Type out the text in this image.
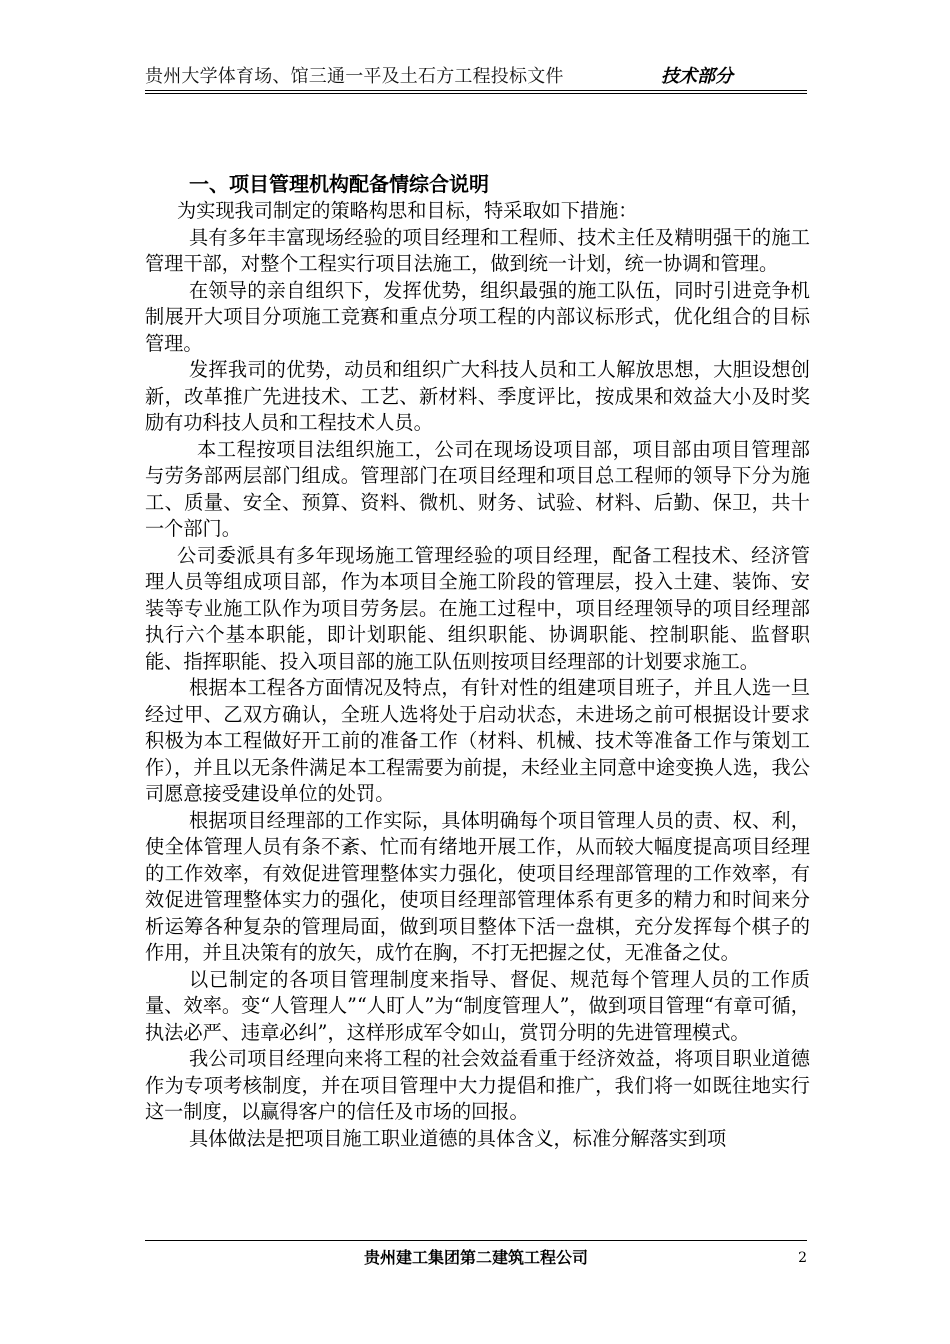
贵州大学体育场、馆三通一平及土石方工程投标文件	技术部分
一、项目管理机构配备情综合说明

为实现我司制定的策略构思和目标，特采取如下措施：

具有多年丰富现场经验的项目经理和工程师、技术主任及精明强干的施工管理干部，对整个工程实行项目法施工，做到统一计划，统一协调和管理。

在领导的亲自组织下，发挥优势，组织最强的施工队伍，同时引进竞争机制展开大项目分项施工竞赛和重点分项工程的内部议标形式，优化组合的目标管理。

发挥我司的优势，动员和组织广大科技人员和工人解放思想，大胆设想创新，改革推广先进技术、工艺、新材料、季度评比，按成果和效益大小及时奖励有功科技人员和工程技术人员。

本工程按项目法组织施工，公司在现场设项目部，项目部由项目管理部与劳务部两层部门组成。管理部门在项目经理和项目总工程师的领导下分为施工、质量、安全、预算、资料、微机、财务、试验、材料、后勤、保卫，共十一个部门。

公司委派具有多年现场施工管理经验的项目经理，配备工程技术、经济管理人员等组成项目部，作为本项目全施工阶段的管理层，投入土建、装饰、安装等专业施工队作为项目劳务层。在施工过程中，项目经理领导的项目经理部执行六个基本职能，即计划职能、组织职能、协调职能、控制职能、监督职能、指挥职能、投入项目部的施工队伍则按项目经理部的计划要求施工。

根据本工程各方面情况及特点，有针对性的组建项目班子，并且人选一旦经过甲、乙双方确认，全班人选将处于启动状态，未进场之前可根据设计要求积极为本工程做好开工前的准备工作（材料、机械、技术等准备工作与策划工作），并且以无条件满足本工程需要为前提，未经业主同意中途变换人选，我公司愿意接受建设单位的处罚。

根据项目经理部的工作实际，具体明确每个项目管理人员的责、权、利，使全体管理人员有条不紊、忙而有绪地开展工作，从而较大幅度提高项目经理的工作效率，有效促进管理整体实力强化，使项目经理部管理的工作效率，有效促进管理整体实力的强化，使项目经理部管理体系有更多的精力和时间来分析运筹各种复杂的管理局面，做到项目整体下活一盘棋，充分发挥每个棋子的作用，并且决策有的放矢，成竹在胸，不打无把握之仗，无准备之仗。

以已制定的各项目管理制度来指导、督促、规范每个管理人员的工作质量、效率。变“人管理人”“人盯人”为“制度管理人”，做到项目管理“有章可循，执法必严、违章必纠”，这样形成军令如山，赏罚分明的先进管理模式。

我公司项目经理向来将工程的社会效益看重于经济效益，将项目职业道德作为专项考核制度，并在项目管理中大力提倡和推广，我们将一如既往地实行这一制度，以赢得客户的信任及市场的回报。

具体做法是把项目施工职业道德的具体含义，标准分解落实到项

贵州建工集团第二建筑工程公司	2
